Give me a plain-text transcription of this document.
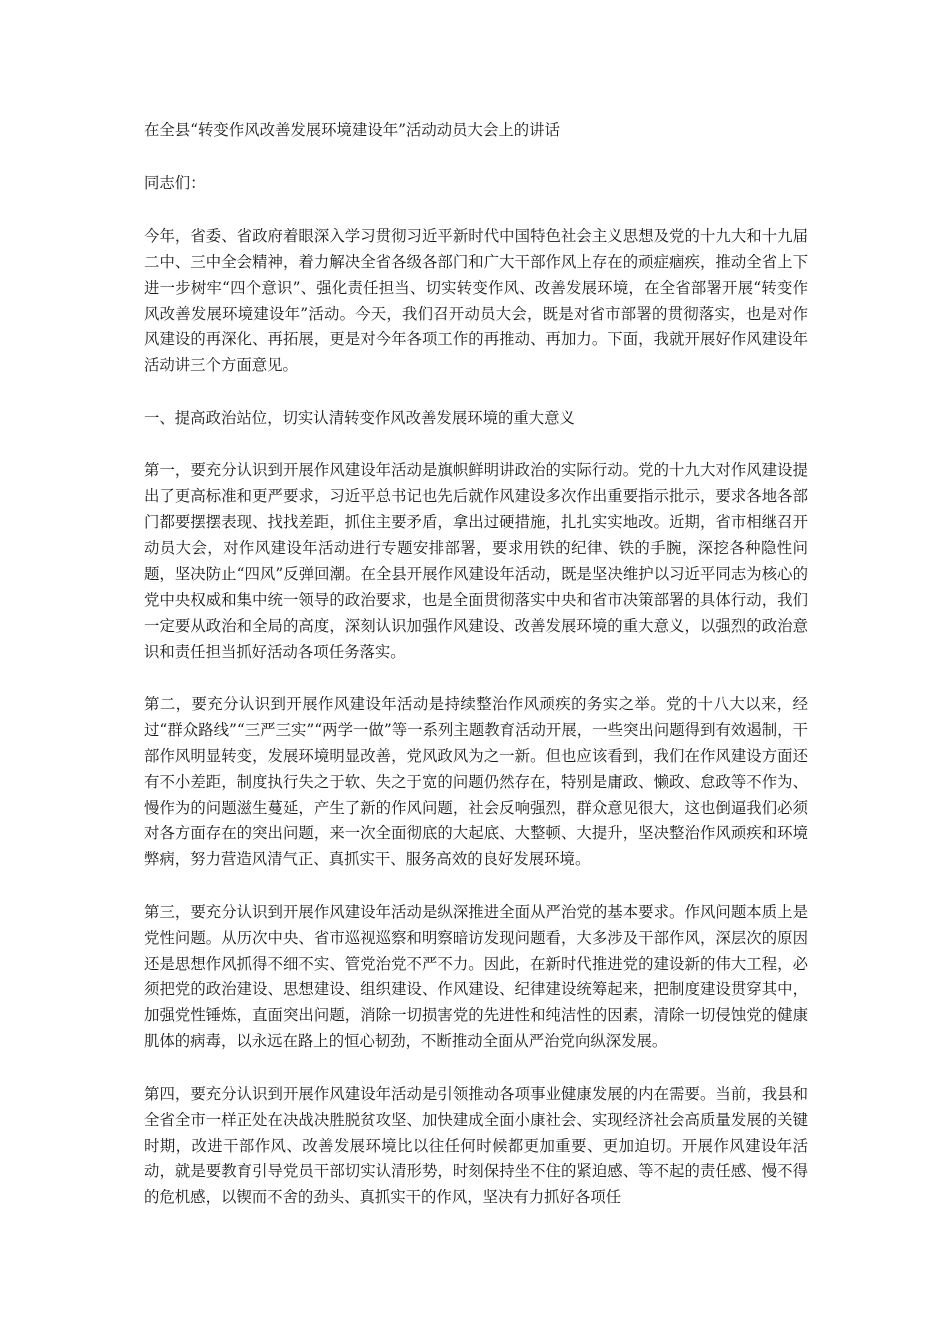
在全县“转变作风改善发展环境建设年”活动动员大会上的讲话

同志们：

今年，省委、省政府着眼深入学习贯彻习近平新时代中国特色社会主义思想及党的十九大和十九届二中、三中全会精神，着力解决全省各级各部门和广大干部作风上存在的顽症痼疾，推动全省上下进一步树牢“四个意识”、强化责任担当、切实转变作风、改善发展环境，在全省部署开展“转变作风改善发展环境建设年”活动。今天，我们召开动员大会，既是对省市部署的贯彻落实，也是对作风建设的再深化、再拓展，更是对今年各项工作的再推动、再加力。下面，我就开展好作风建设年活动讲三个方面意见。

一、提高政治站位，切实认清转变作风改善发展环境的重大意义

第一，要充分认识到开展作风建设年活动是旗帜鲜明讲政治的实际行动。党的十九大对作风建设提出了更高标准和更严要求，习近平总书记也先后就作风建设多次作出重要指示批示，要求各地各部门都要摆摆表现、找找差距，抓住主要矛盾，拿出过硬措施，扎扎实实地改。近期，省市相继召开动员大会，对作风建设年活动进行专题安排部署，要求用铁的纪律、铁的手腕，深挖各种隐性问题，坚决防止“四风”反弹回潮。在全县开展作风建设年活动，既是坚决维护以习近平同志为核心的党中央权威和集中统一领导的政治要求，也是全面贯彻落实中央和省市决策部署的具体行动，我们一定要从政治和全局的高度，深刻认识加强作风建设、改善发展环境的重大意义，以强烈的政治意识和责任担当抓好活动各项任务落实。

第二，要充分认识到开展作风建设年活动是持续整治作风顽疾的务实之举。党的十八大以来，经过“群众路线”“三严三实”“两学一做”等一系列主题教育活动开展，一些突出问题得到有效遏制，干部作风明显转变，发展环境明显改善，党风政风为之一新。但也应该看到，我们在作风建设方面还有不小差距，制度执行失之于软、失之于宽的问题仍然存在，特别是庸政、懒政、怠政等不作为、慢作为的问题滋生蔓延，产生了新的作风问题，社会反响强烈，群众意见很大，这也倒逼我们必须对各方面存在的突出问题，来一次全面彻底的大起底、大整顿、大提升，坚决整治作风顽疾和环境弊病，努力营造风清气正、真抓实干、服务高效的良好发展环境。

第三，要充分认识到开展作风建设年活动是纵深推进全面从严治党的基本要求。作风问题本质上是党性问题。从历次中央、省市巡视巡察和明察暗访发现问题看，大多涉及干部作风，深层次的原因还是思想作风抓得不细不实、管党治党不严不力。因此，在新时代推进党的建设新的伟大工程，必须把党的政治建设、思想建设、组织建设、作风建设、纪律建设统筹起来，把制度建设贯穿其中，加强党性锤炼，直面突出问题，消除一切损害党的先进性和纯洁性的因素，清除一切侵蚀党的健康肌体的病毒，以永远在路上的恒心韧劲，不断推动全面从严治党向纵深发展。

第四，要充分认识到开展作风建设年活动是引领推动各项事业健康发展的内在需要。当前，我县和全省全市一样正处在决战决胜脱贫攻坚、加快建成全面小康社会、实现经济社会高质量发展的关键时期，改进干部作风、改善发展环境比以往任何时候都更加重要、更加迫切。开展作风建设年活动，就是要教育引导党员干部切实认清形势，时刻保持坐不住的紧迫感、等不起的责任感、慢不得的危机感，以锲而不舍的劲头、真抓实干的作风，坚决有力抓好各项任
